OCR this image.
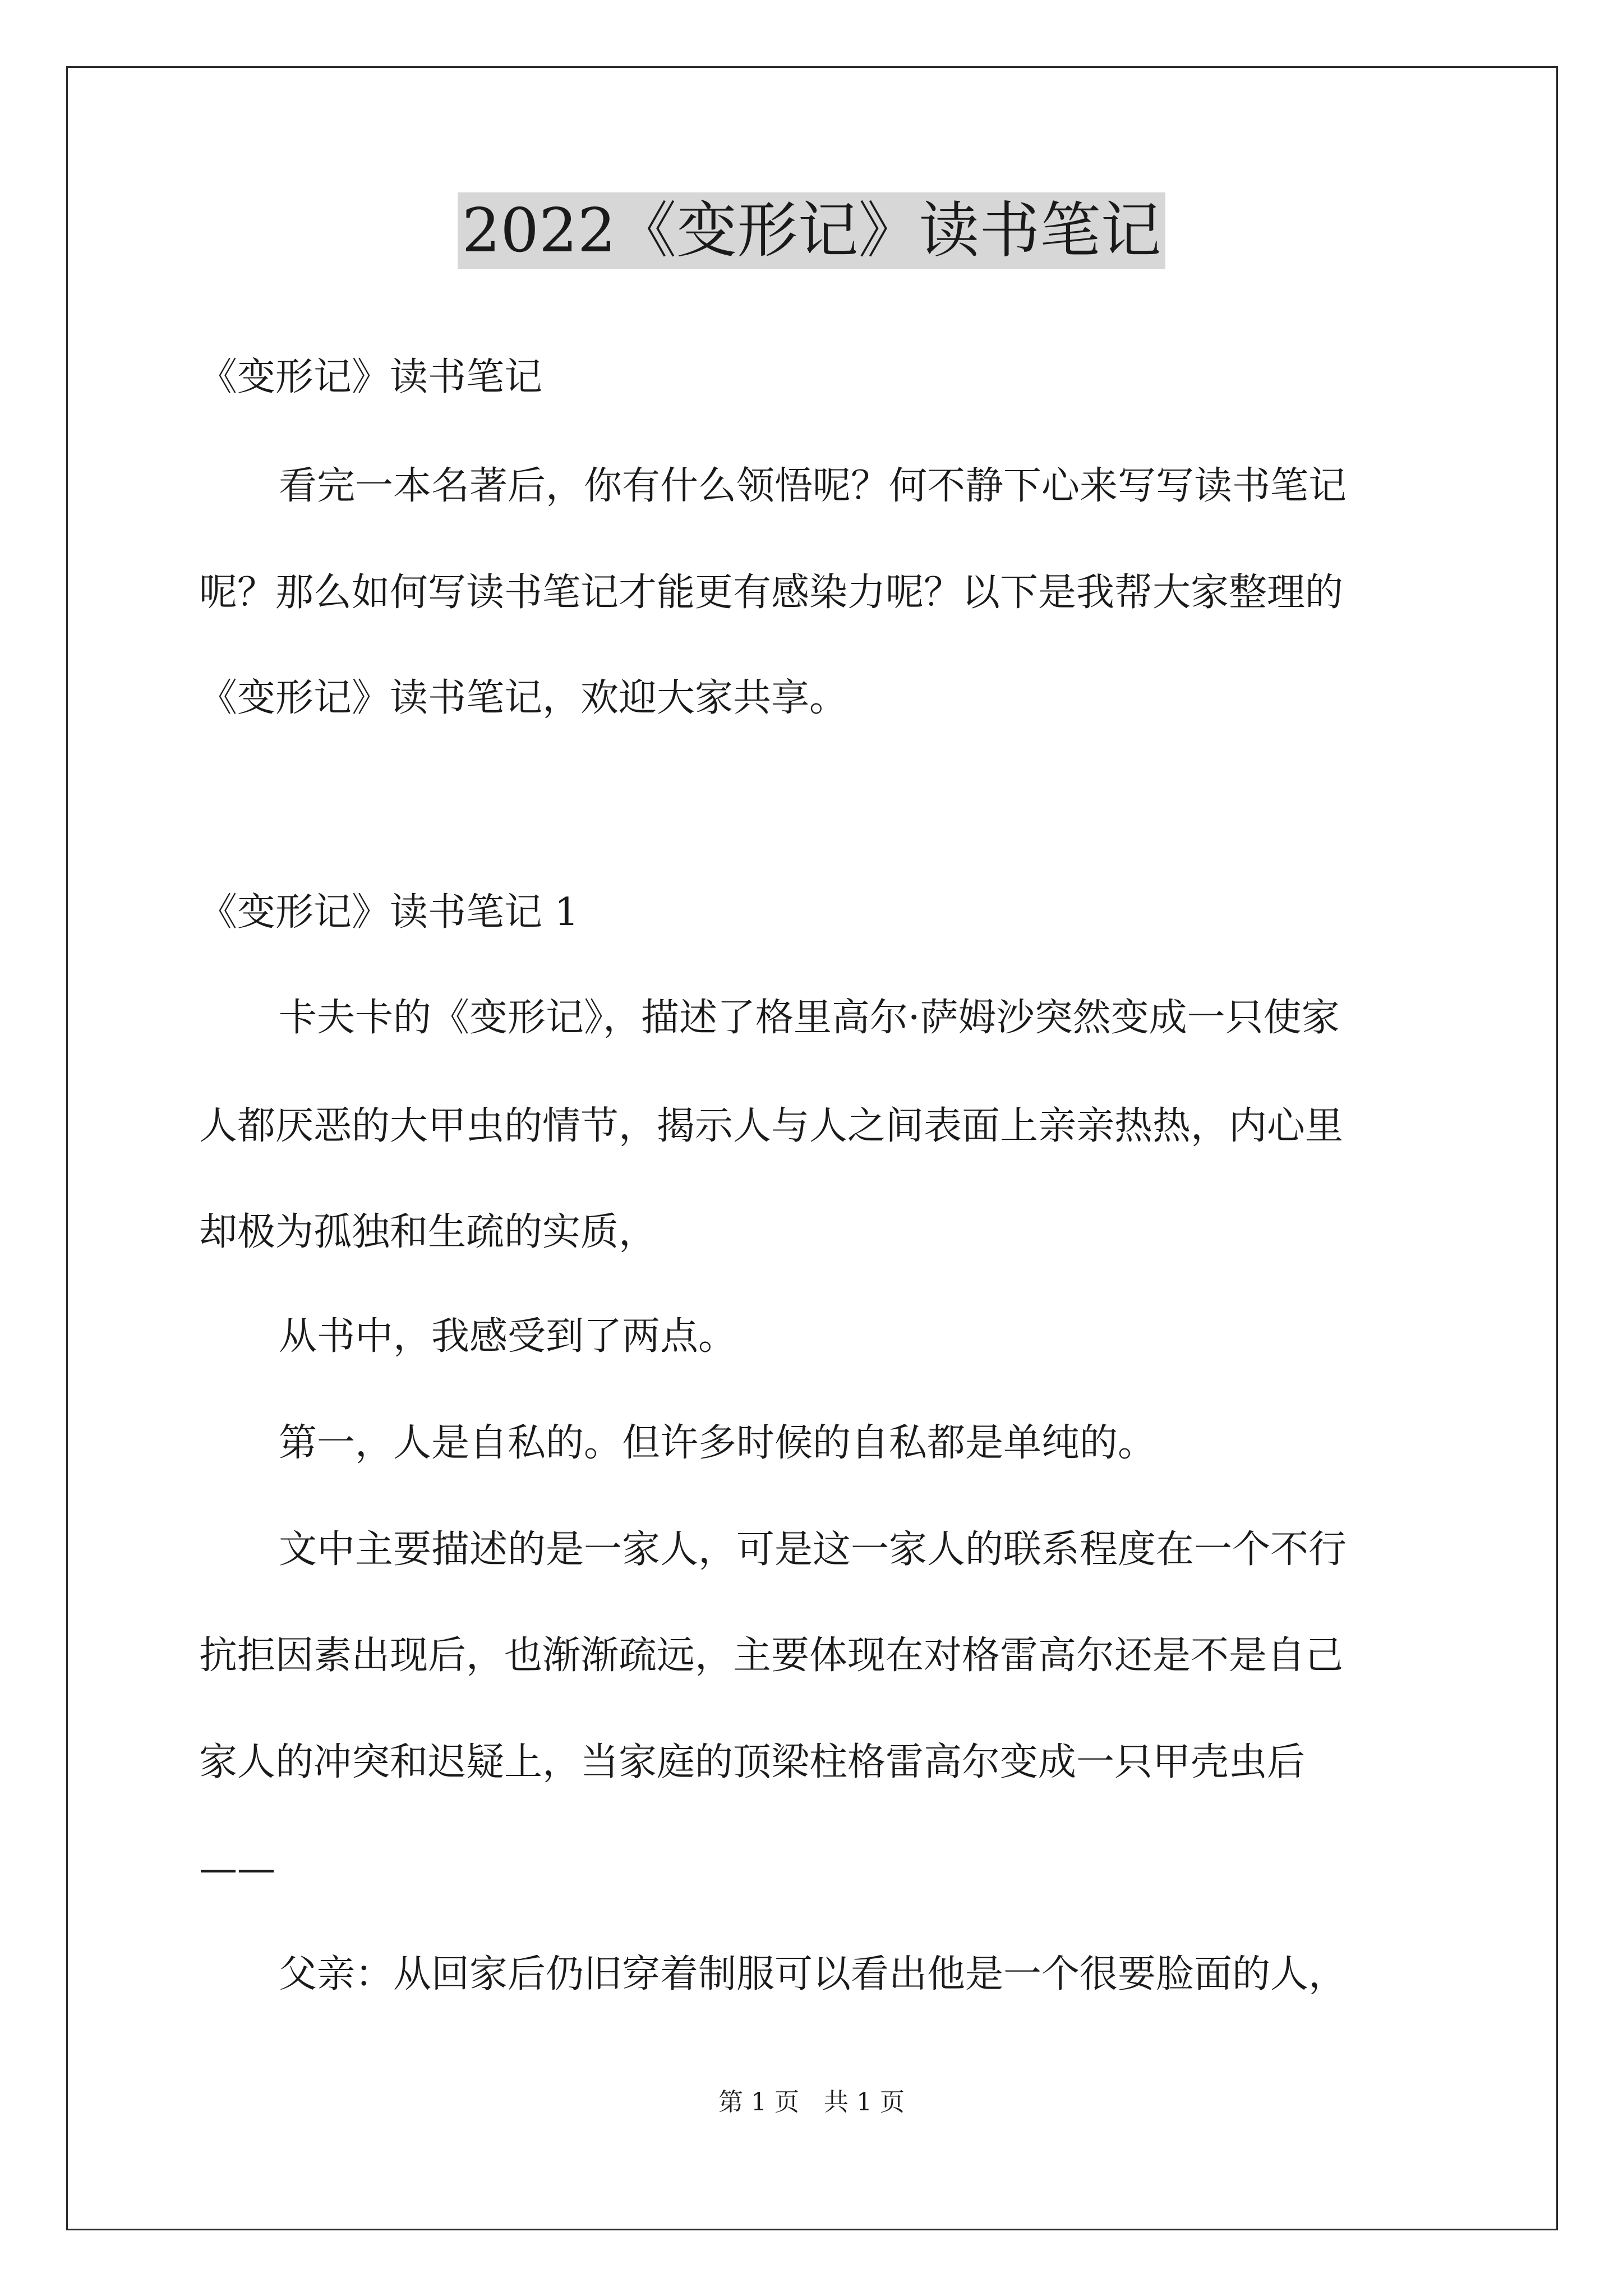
2022《变形记》读书笔记

《变形记》读书笔记

看完一本名著后，你有什么领悟呢？何不静下心来写写读书笔记

呢？那么如何写读书笔记才能更有感染力呢？以下是我帮大家整理的

《变形记》读书笔记，欢迎大家共享。

《变形记》读书笔记 1

卡夫卡的《变形记》，描述了格里高尔·萨姆沙突然变成一只使家

人都厌恶的大甲虫的情节，揭示人与人之间表面上亲亲热热，内心里

却极为孤独和生疏的实质，

从书中，我感受到了两点。

第一，人是自私的。但许多时候的自私都是单纯的。

文中主要描述的是一家人，可是这一家人的联系程度在一个不行

抗拒因素出现后，也渐渐疏远，主要体现在对格雷高尔还是不是自己

家人的冲突和迟疑上，当家庭的顶梁柱格雷高尔变成一只甲壳虫后

——

父亲：从回家后仍旧穿着制服可以看出他是一个很要脸面的人，

第 1 页　共 1 页
